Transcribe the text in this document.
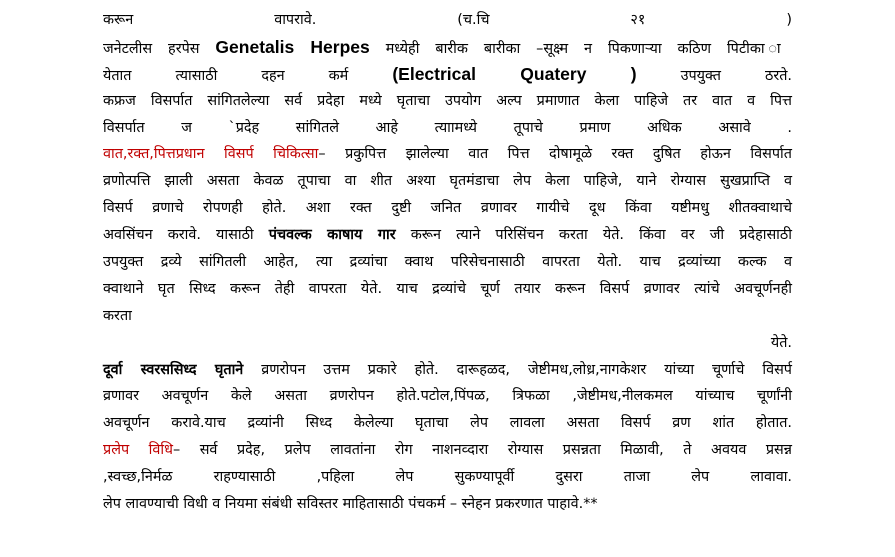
करून वापरावे. (च.चि २१ )
जनेटलीस हरपेस Genetalis Herpes मध्येही बारीक बारीका –सूक्ष्म न पिकणाऱ्या कठिण पिटीका ा
येतात त्यासाठी दहन कर्म (Electrical Quatery ) उपयुक्त ठरते.
कफ्रज विसर्पात सांगितलेल्या सर्व प्रदेहा मध्ये घृताचा उपयोग अल्प प्रमाणात केला पाहिजे तर वात व पित्त
विसर्पात ज `प्रदेह सांगितले आहे त्याामध्ये तूपाचे प्रमाण अधिक असावे .
वात,रक्त,पित्तप्रधान विसर्प चिकित्सा– प्रकुपित्त झालेल्या वात पित्त दोषामूळे रक्त दुषित होऊन विसर्पात
व्रणोत्पत्ति झाली असता केवळ तूपाचा वा शीत अश्या घृतमंडाचा लेप केला पाहिजे, याने रोग्यास सुखप्राप्ति व
विसर्प व्रणाचे रोपणही होते. अशा रक्त दुष्टी जनित व्रणावर गायीचे दूध किंवा यष्टीमधु शीतक्वाथाचे
अवसिंचन करावे. यासाठी पंचवल्क काषाय गार करून त्याने परिसिंचन करता येते. किंवा वर जी प्रदेहासाठी
उपयुक्त द्रव्ये सांगितली आहेत, त्या द्रव्यांचा क्वाथ परिसेचनासाठी वापरता येतो. याच द्रव्यांच्या कल्क व
क्वाथाने घृत सिध्द करून तेही वापरता येते. याच द्रव्यांचे चूर्ण तयार करून विसर्प व्रणावर त्यांचे अवचूर्णनही
करता
येते.
दूर्वा स्वरससिध्द घृताने व्रणरोपन उत्तम प्रकारे होते. दारूहळद, जेष्टीमध,लोध्र,नागकेशर यांच्या चूर्णाचे विसर्प
व्रणावर अवचूर्णन केले असता व्रणरोपन होते.पटोल,पिंपळ, त्रिफळा ,जेष्टीमध,नीलकमल यांच्याच चूर्णांनी
अवचूर्णन करावे.याच द्रव्यांनी सिध्द केलेल्या घृताचा लेप लावला असता विसर्प व्रण शांत होतात.
प्रलेप विधि– सर्व प्रदेह, प्रलेप लावतांना रोग नाशनव्दारा रोग्यास प्रसन्नता मिळावी, ते अवयव प्रसन्न
,स्वच्छ,निर्मळ राहण्यासाठी ,पहिला लेप सुकण्यापूर्वी दुसरा ताजा लेप लावावा.
लेप लावण्याची विधी व नियमा संबंधी सविस्तर माहितासाठी पंचकर्म – स्नेहन प्रकरणात पाहावे.**
